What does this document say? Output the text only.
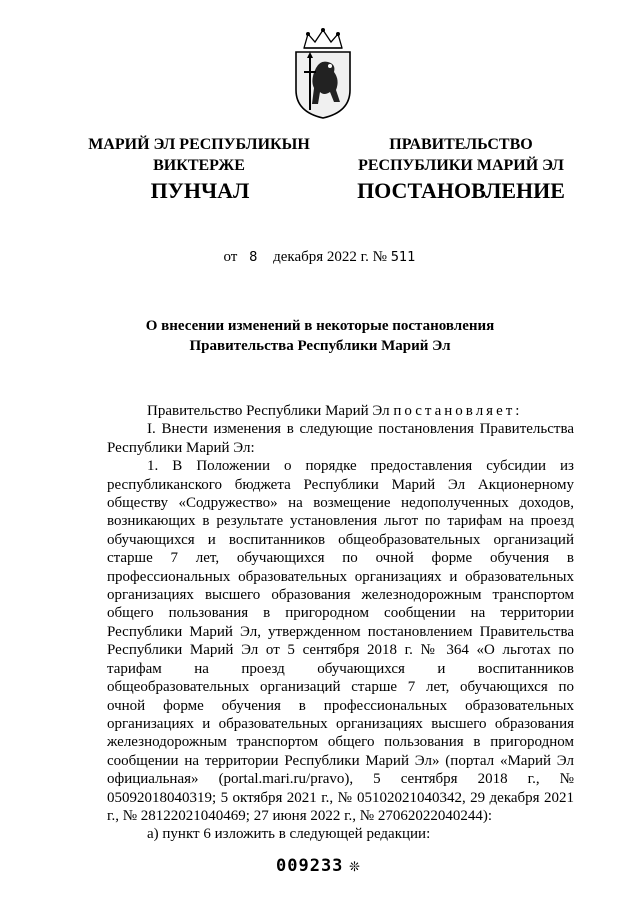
МАРИЙ ЭЛ РЕСПУБЛИКЫН
ВИКТЕРЖЕ
ПРАВИТЕЛЬСТВО
РЕСПУБЛИКИ МАРИЙ ЭЛ
ПУНЧАЛ	ПОСТАНОВЛЕНИЕ
от 8 декабря 2022 г. № 511
О внесении изменений в некоторые постановления
Правительства Республики Марий Эл

Правительство Республики Марий Эл постановляет:

I. Внести изменения в следующие постановления Правительства Республики Марий Эл:

1. В Положении о порядке предоставления субсидии из республиканского бюджета Республики Марий Эл Акционерному обществу «Содружество» на возмещение недополученных доходов, возникающих в результате установления льгот по тарифам на проезд обучающихся и воспитанников общеобразовательных организаций старше 7 лет, обучающихся по очной форме обучения в профессиональных образовательных организациях и образовательных организациях высшего образования железнодорожным транспортом общего пользования в пригородном сообщении на территории Республики Марий Эл, утвержденном постановлением Правительства Республики Марий Эл от 5 сентября 2018 г. № 364 «О льготах по тарифам на проезд обучающихся и воспитанников общеобразовательных организаций старше 7 лет, обучающихся по очной форме обучения в профессиональных образовательных организациях и образовательных организациях высшего образования железнодорожным транспортом общего пользования в пригородном сообщении на территории Республики Марий Эл» (портал «Марий Эл официальная» (portal.mari.ru/pravo), 5 сентября 2018 г., № 05092018040319; 5 октября 2021 г., № 05102021040342, 29 декабря 2021 г., № 28122021040469; 27 июня 2022 г., № 27062022040244):

а) пункт 6 изложить в следующей редакции:

009233 ❊
